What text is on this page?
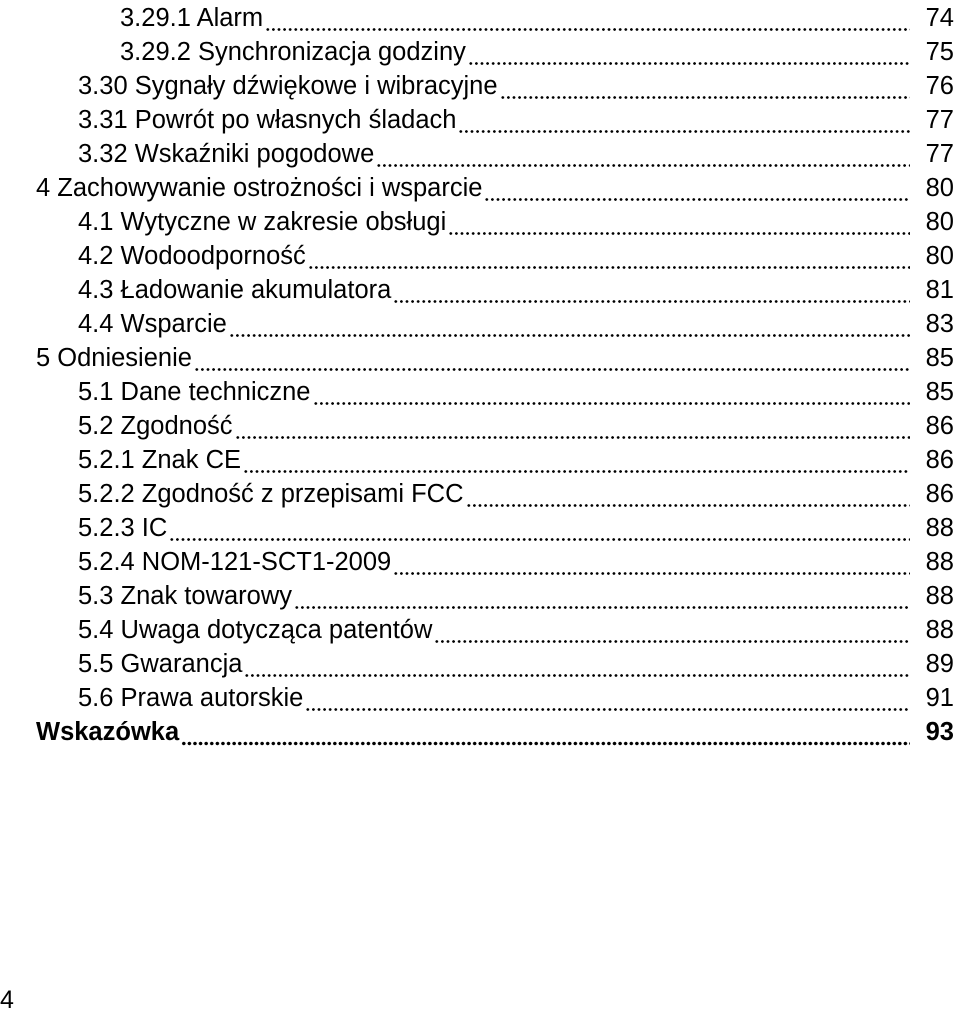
3.29.1 Alarm	74
3.29.2 Synchronizacja godziny	75
3.30 Sygnały dźwiękowe i wibracyjne	76
3.31 Powrót po własnych śladach	77
3.32 Wskaźniki pogodowe	77
4 Zachowywanie ostrożności i wsparcie	80
4.1 Wytyczne w zakresie obsługi	80
4.2 Wodoodporność	80
4.3 Ładowanie akumulatora	81
4.4 Wsparcie	83
5 Odniesienie	85
5.1 Dane techniczne	85
5.2 Zgodność	86
5.2.1 Znak CE	86
5.2.2 Zgodność z przepisami FCC	86
5.2.3 IC	88
5.2.4 NOM-121-SCT1-2009	88
5.3 Znak towarowy	88
5.4 Uwaga dotycząca patentów	88
5.5 Gwarancja	89
5.6 Prawa autorskie	91
Wskazówka	93
4
